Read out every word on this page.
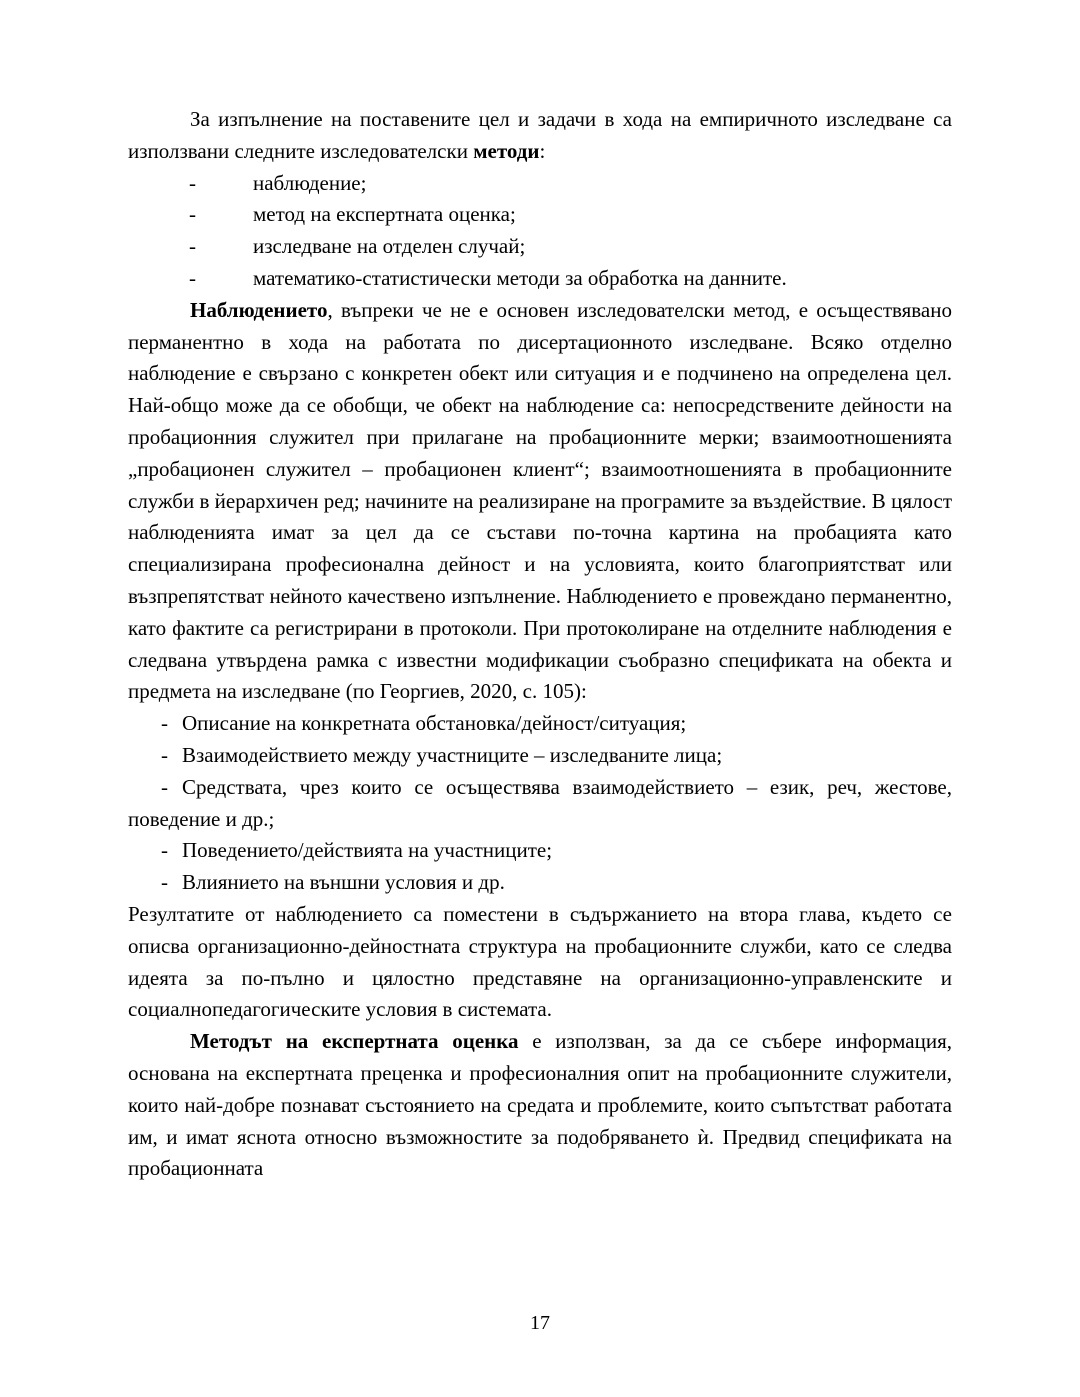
За изпълнение на поставените цел и задачи в хода на емпиричното изследване са използвани следните изследователски методи:

-	наблюдение;
-	метод на експертната оценка;
-	изследване на отделен случай;
-	математико-статистически методи за обработка на данните.

Наблюдението, въпреки че не е основен изследователски метод, е осъществявано перманентно в хода на работата по дисертационното изследване. Всяко отделно наблюдение е свързано с конкретен обект или ситуация и е подчинено на определена цел. Най-общо може да се обобщи, че обект на наблюдение са: непосредствените дейности на пробационния служител при прилагане на пробационните мерки; взаимоотношенията „пробационен служител – пробационен клиент“; взаимоотношенията в пробационните служби в йерархичен ред; начините на реализиране на програмите за въздействие. В цялост наблюденията имат за цел да се състави по-точна картина на пробацията като специализирана професионална дейност и на условията, които благоприятстват или възпрепятстват нейното качествено изпълнение. Наблюдението е провеждано перманентно, като фактите са регистрирани в протоколи. При протоколиране на отделните наблюдения е следвана утвърдена рамка с известни модификации съобразно спецификата на обекта и предмета на изследване (по Георгиев, 2020, с. 105):

- Описание на конкретната обстановка/дейност/ситуация;
- Взаимодействието между участниците – изследваните лица;
- Средствата, чрез които се осъществява взаимодействието – език, реч, жестове, поведение и др.;
- Поведението/действията на участниците;
- Влиянието на външни условия и др.

Резултатите от наблюдението са поместени в съдържанието на втора глава, където се описва организационно-дейностната структура на пробационните служби, като се следва идеята за по-пълно и цялостно представяне на организационно-управленските и социалнопедагогическите условия в системата.

Методът на експертната оценка е използван, за да се събере информация, основана на експертната преценка и професионалния опит на пробационните служители, които най-добре познават състоянието на средата и проблемите, които съпътстват работата им, и имат яснота относно възможностите за подобряването ѝ. Предвид спецификата на пробационната

17
